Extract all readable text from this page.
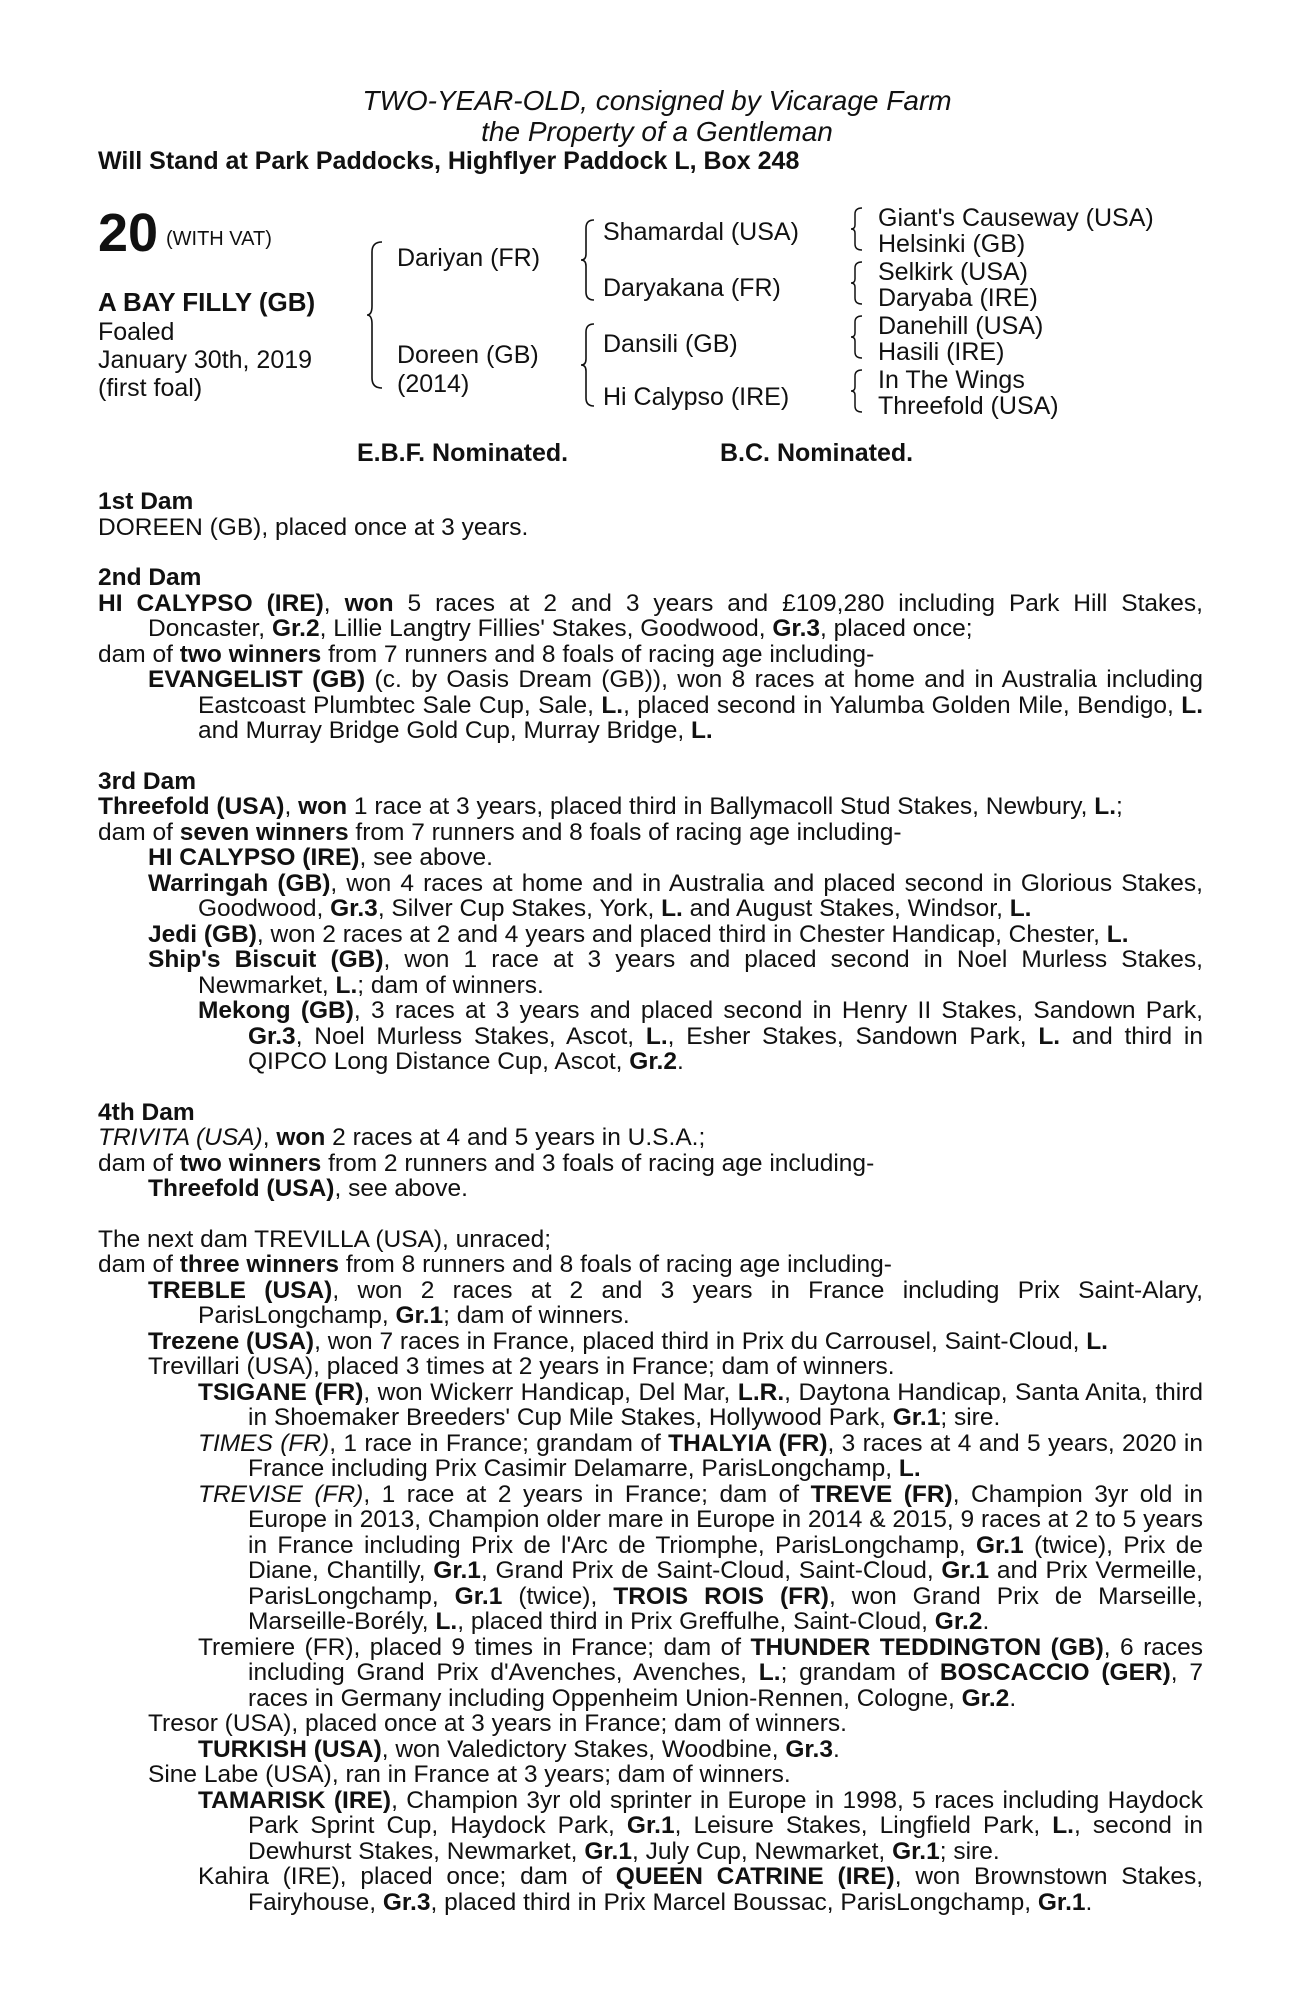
TWO-YEAR-OLD, consigned by Vicarage Farm
the Property of a Gentleman
Will Stand at Park Paddocks, Highflyer Paddock L, Box 248
20 (WITH VAT)
A BAY FILLY (GB)
Foaled
January 30th, 2019
(first foal)
Dariyan (FR)
Doreen (GB)
(2014)
Shamardal (USA)
Daryakana (FR)
Dansili (GB)
Hi Calypso (IRE)
Giant's Causeway (USA)
Helsinki (GB)
Selkirk (USA)
Daryaba (IRE)
Danehill (USA)
Hasili (IRE)
In The Wings
Threefold (USA)
E.B.F. Nominated.	B.C. Nominated.

1st Dam

DOREEN (GB), placed once at 3 years.

2nd Dam

HI CALYPSO (IRE), won 5 races at 2 and 3 years and £109,280 including Park Hill Stakes, Doncaster, Gr.2, Lillie Langtry Fillies' Stakes, Goodwood, Gr.3, placed once;

dam of two winners from 7 runners and 8 foals of racing age including-

EVANGELIST (GB) (c. by Oasis Dream (GB)), won 8 races at home and in Australia including Eastcoast Plumbtec Sale Cup, Sale, L., placed second in Yalumba Golden Mile, Bendigo, L. and Murray Bridge Gold Cup, Murray Bridge, L.

3rd Dam

Threefold (USA), won 1 race at 3 years, placed third in Ballymacoll Stud Stakes, Newbury, L.;

dam of seven winners from 7 runners and 8 foals of racing age including-

HI CALYPSO (IRE), see above.

Warringah (GB), won 4 races at home and in Australia and placed second in Glorious Stakes, Goodwood, Gr.3, Silver Cup Stakes, York, L. and August Stakes, Windsor, L.

Jedi (GB), won 2 races at 2 and 4 years and placed third in Chester Handicap, Chester, L.

Ship's Biscuit (GB), won 1 race at 3 years and placed second in Noel Murless Stakes, Newmarket, L.; dam of winners.

Mekong (GB), 3 races at 3 years and placed second in Henry II Stakes, Sandown Park, Gr.3, Noel Murless Stakes, Ascot, L., Esher Stakes, Sandown Park, L. and third in QIPCO Long Distance Cup, Ascot, Gr.2.

4th Dam

TRIVITA (USA), won 2 races at 4 and 5 years in U.S.A.;

dam of two winners from 2 runners and 3 foals of racing age including-

Threefold (USA), see above.

The next dam TREVILLA (USA), unraced;

dam of three winners from 8 runners and 8 foals of racing age including-

TREBLE (USA), won 2 races at 2 and 3 years in France including Prix Saint-Alary, ParisLongchamp, Gr.1; dam of winners.

Trezene (USA), won 7 races in France, placed third in Prix du Carrousel, Saint-Cloud, L.

Trevillari (USA), placed 3 times at 2 years in France; dam of winners.

TSIGANE (FR), won Wickerr Handicap, Del Mar, L.R., Daytona Handicap, Santa Anita, third in Shoemaker Breeders' Cup Mile Stakes, Hollywood Park, Gr.1; sire.

TIMES (FR), 1 race in France; grandam of THALYIA (FR), 3 races at 4 and 5 years, 2020 in France including Prix Casimir Delamarre, ParisLongchamp, L.

TREVISE (FR), 1 race at 2 years in France; dam of TREVE (FR), Champion 3yr old in Europe in 2013, Champion older mare in Europe in 2014 & 2015, 9 races at 2 to 5 years in France including Prix de l'Arc de Triomphe, ParisLongchamp, Gr.1 (twice), Prix de Diane, Chantilly, Gr.1, Grand Prix de Saint-Cloud, Saint-Cloud, Gr.1 and Prix Vermeille, ParisLongchamp, Gr.1 (twice), TROIS ROIS (FR), won Grand Prix de Marseille, Marseille-Borély, L., placed third in Prix Greffulhe, Saint-Cloud, Gr.2.

Tremiere (FR), placed 9 times in France; dam of THUNDER TEDDINGTON (GB), 6 races including Grand Prix d'Avenches, Avenches, L.; grandam of BOSCACCIO (GER), 7 races in Germany including Oppenheim Union-Rennen, Cologne, Gr.2.

Tresor (USA), placed once at 3 years in France; dam of winners.

TURKISH (USA), won Valedictory Stakes, Woodbine, Gr.3.

Sine Labe (USA), ran in France at 3 years; dam of winners.

TAMARISK (IRE), Champion 3yr old sprinter in Europe in 1998, 5 races including Haydock Park Sprint Cup, Haydock Park, Gr.1, Leisure Stakes, Lingfield Park, L., second in Dewhurst Stakes, Newmarket, Gr.1, July Cup, Newmarket, Gr.1; sire.

Kahira (IRE), placed once; dam of QUEEN CATRINE (IRE), won Brownstown Stakes, Fairyhouse, Gr.3, placed third in Prix Marcel Boussac, ParisLongchamp, Gr.1.
